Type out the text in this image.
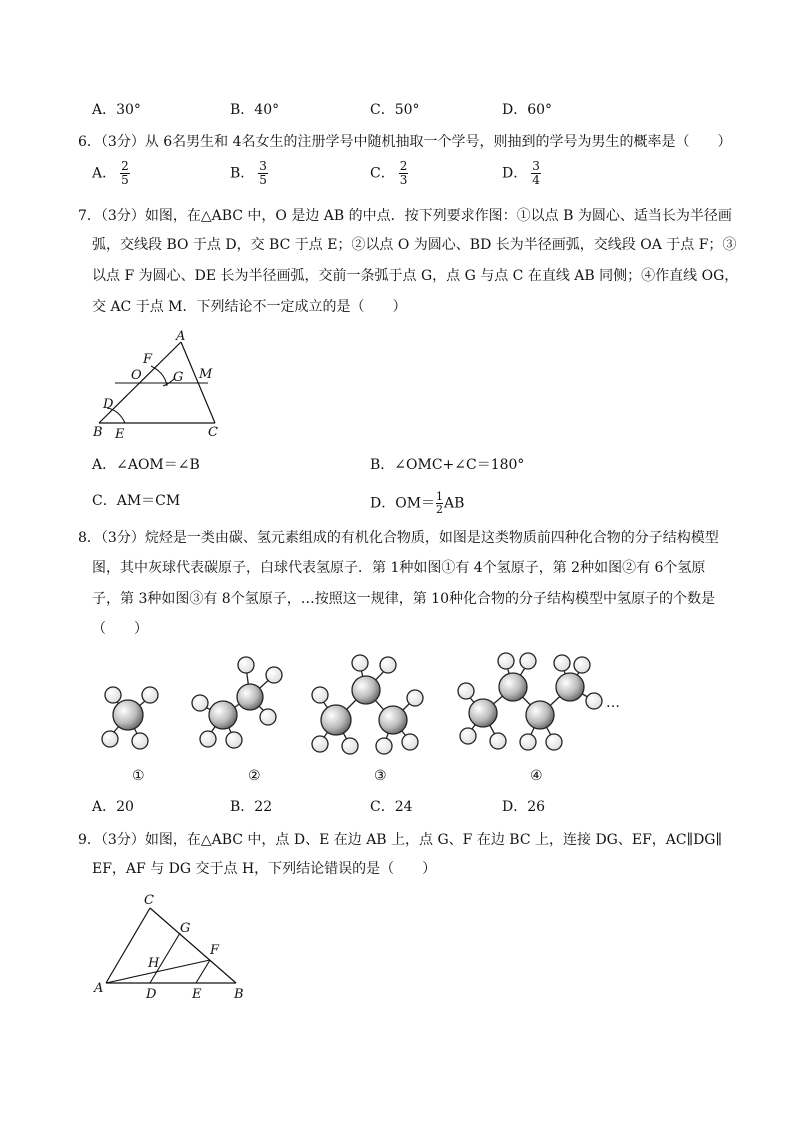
A．30°	B．40°	C．50°	D．60°
6．（3分）从 6名男生和 4名女生的注册学号中随机抽取一个学号，则抽到的学号为男生的概率是（　　）
A． $\frac{2}{5}$	B． $\frac{3}{5}$	C． $\frac{2}{3}$	D． $\frac{3}{4}$
7．（3分）如图，在△ABC 中，O 是边 AB 的中点．按下列要求作图：①以点 B 为圆心、适当长为半径画
弧，交线段 BO 于点 D，交 BC 于点 E；②以点 O 为圆心、BD 长为半径画弧，交线段 OA 于点 F；③
以点 F 为圆心、DE 长为半径画弧，交前一条弧于点 G，点 G 与点 C 在直线 AB 同侧；④作直线 OG，
交 AC 于点 M．下列结论不一定成立的是（　　）
A
F
O G M
D
B E	C
A．∠AOM＝∠B	B．∠OMC+∠C＝180°
C．AM＝CM	D．$OM= \frac{1}{2}$ AB
8．（3分）烷烃是一类由碳、氢元素组成的有机化合物质，如图是这类物质前四种化合物的分子结构模型
图，其中灰球代表碳原子，白球代表氢原子．第 1种如图①有 4个氢原子，第 2种如图②有 6个氢原
子，第 3种如图③有 8个氢原子，…按照这一规律，第 10种化合物的分子结构模型中氢原子的个数是
（　　）
…
①	②	③	④
A．20	B．22	C．24	D．26
9．（3分）如图，在△ABC 中，点 D、E 在边 AB 上，点 G、F 在边 BC 上，连接 DG、EF，AC∥DG∥
EF，AF 与 DG 交于点 H，下列结论错误的是（　　）
C
G
F
H
A	D	E	B
